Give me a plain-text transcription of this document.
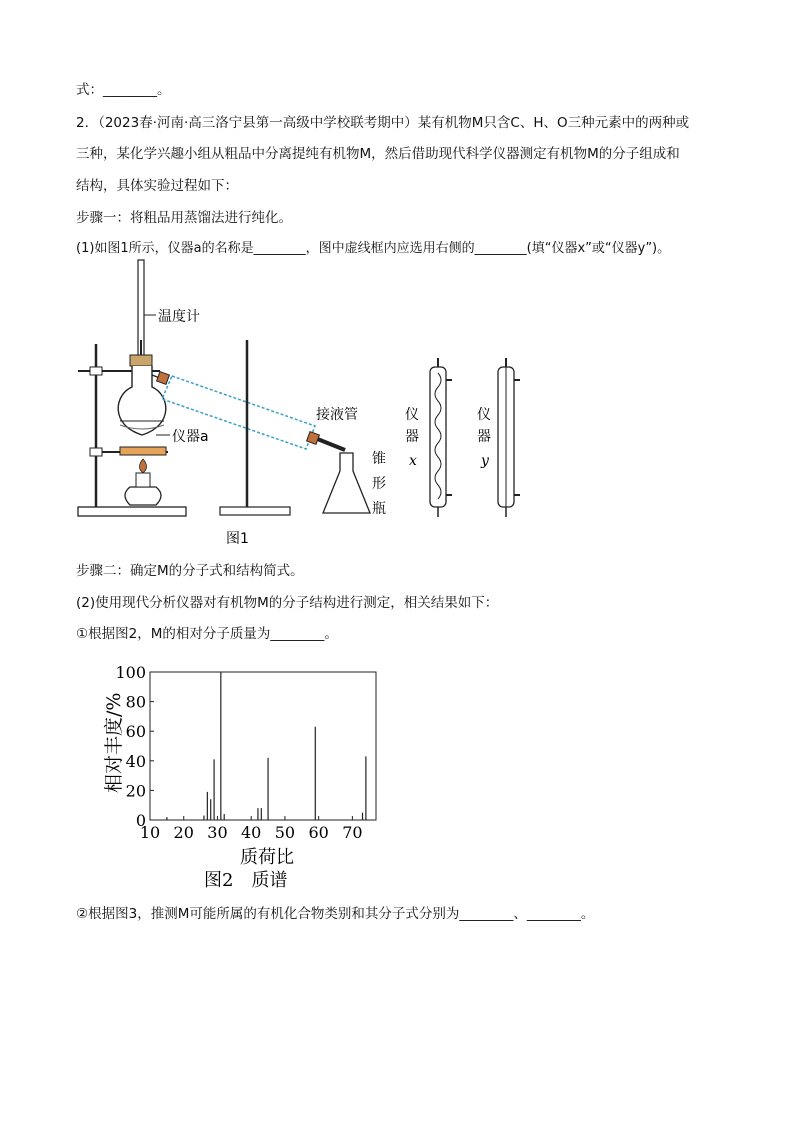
式：________。
2．（2023春·河南·高三洛宁县第一高级中学校联考期中）某有机物M只含C、H、O三种元素中的两种或
三种，某化学兴趣小组从粗品中分离提纯有机物M，然后借助现代科学仪器测定有机物M的分子组成和
结构，具体实验过程如下：
步骤一：将粗品用蒸馏法进行纯化。
(1)如图1所示，仪器a的名称是________，图中虚线框内应选用右侧的________(填“仪器x”或“仪器y”)。
温度计
仪器a
接液管
锥
形
瓶
仪
器
x
仪
器
y
图1
步骤二：确定M的分子式和结构简式。
(2)使用现代分析仪器对有机物M的分子结构进行测定，相关结果如下：
①根据图2，M的相对分子质量为________。
10 20 30 40 50 60 70
0
20
40
60
80
100
相对丰度/%
质荷比
图2　质谱
②根据图3，推测M可能所属的有机化合物类别和其分子式分别为________、________。
